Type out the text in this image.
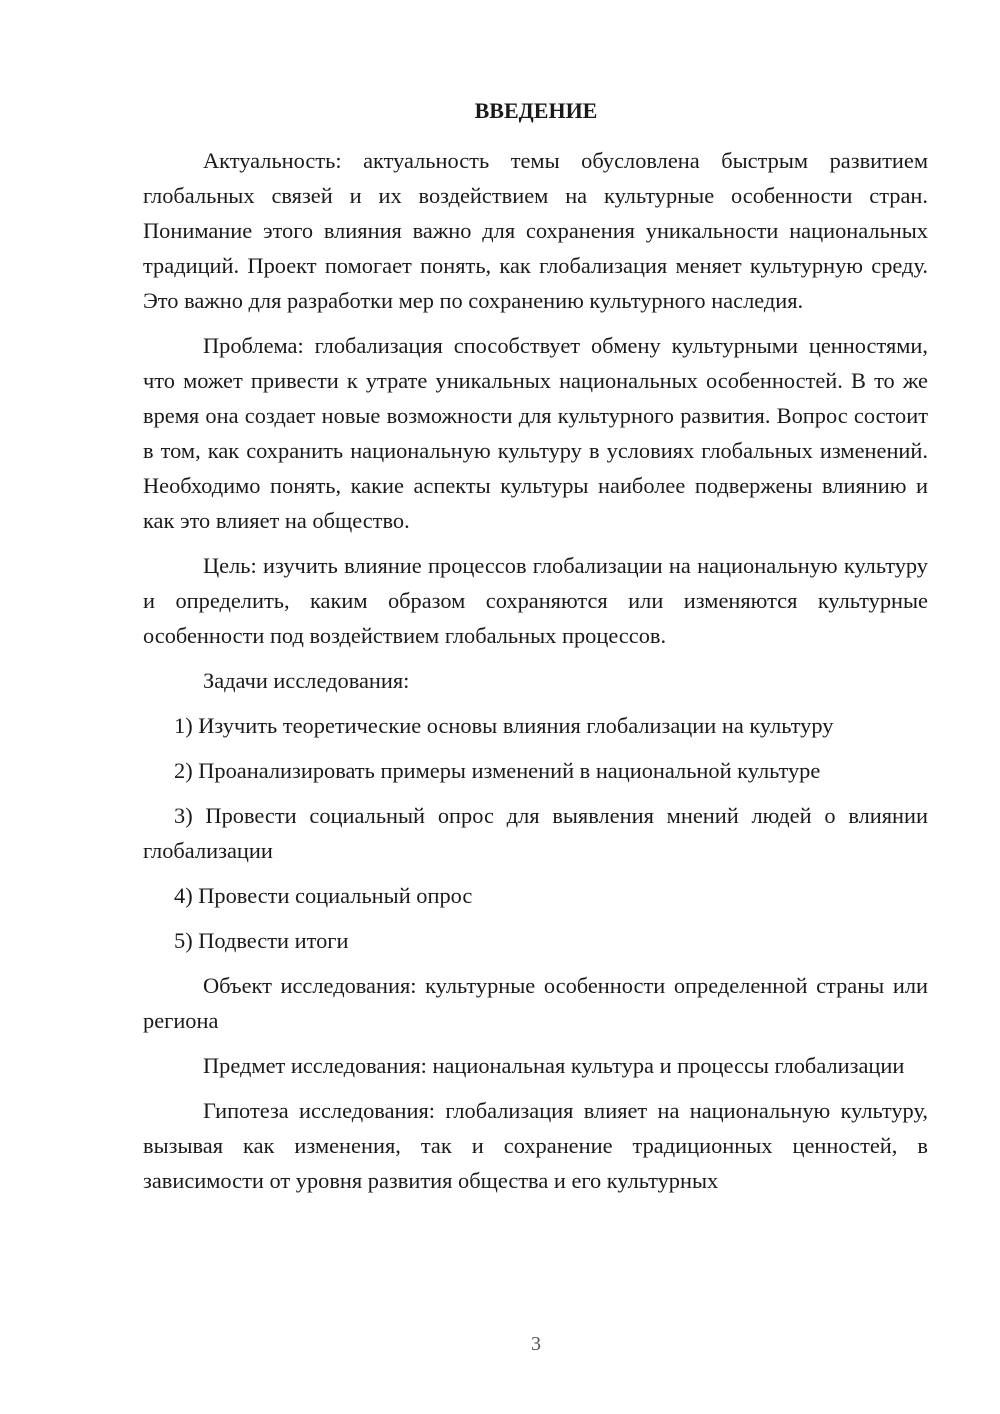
ВВЕДЕНИЕ

Актуальность: актуальность темы обусловлена быстрым развитием глобальных связей и их воздействием на культурные особенности стран. Понимание этого влияния важно для сохранения уникальности национальных традиций. Проект помогает понять, как глобализация меняет культурную среду. Это важно для разработки мер по сохранению культурного наследия.

Проблема: глобализация способствует обмену культурными ценностями, что может привести к утрате уникальных национальных особенностей. В то же время она создает новые возможности для культурного развития. Вопрос состоит в том, как сохранить национальную культуру в условиях глобальных изменений. Необходимо понять, какие аспекты культуры наиболее подвержены влиянию и как это влияет на общество.

Цель: изучить влияние процессов глобализации на национальную культуру и определить, каким образом сохраняются или изменяются культурные особенности под воздействием глобальных процессов.

Задачи исследования:

1) Изучить теоретические основы влияния глобализации на культуру

2) Проанализировать примеры изменений в национальной культуре

3) Провести социальный опрос для выявления мнений людей о влиянии глобализации

4) Провести социальный опрос

5) Подвести итоги

Объект исследования: культурные особенности определенной страны или региона

Предмет исследования: национальная культура и процессы глобализации

Гипотеза исследования: глобализация влияет на национальную культуру, вызывая как изменения, так и сохранение традиционных ценностей, в зависимости от уровня развития общества и его культурных

3
